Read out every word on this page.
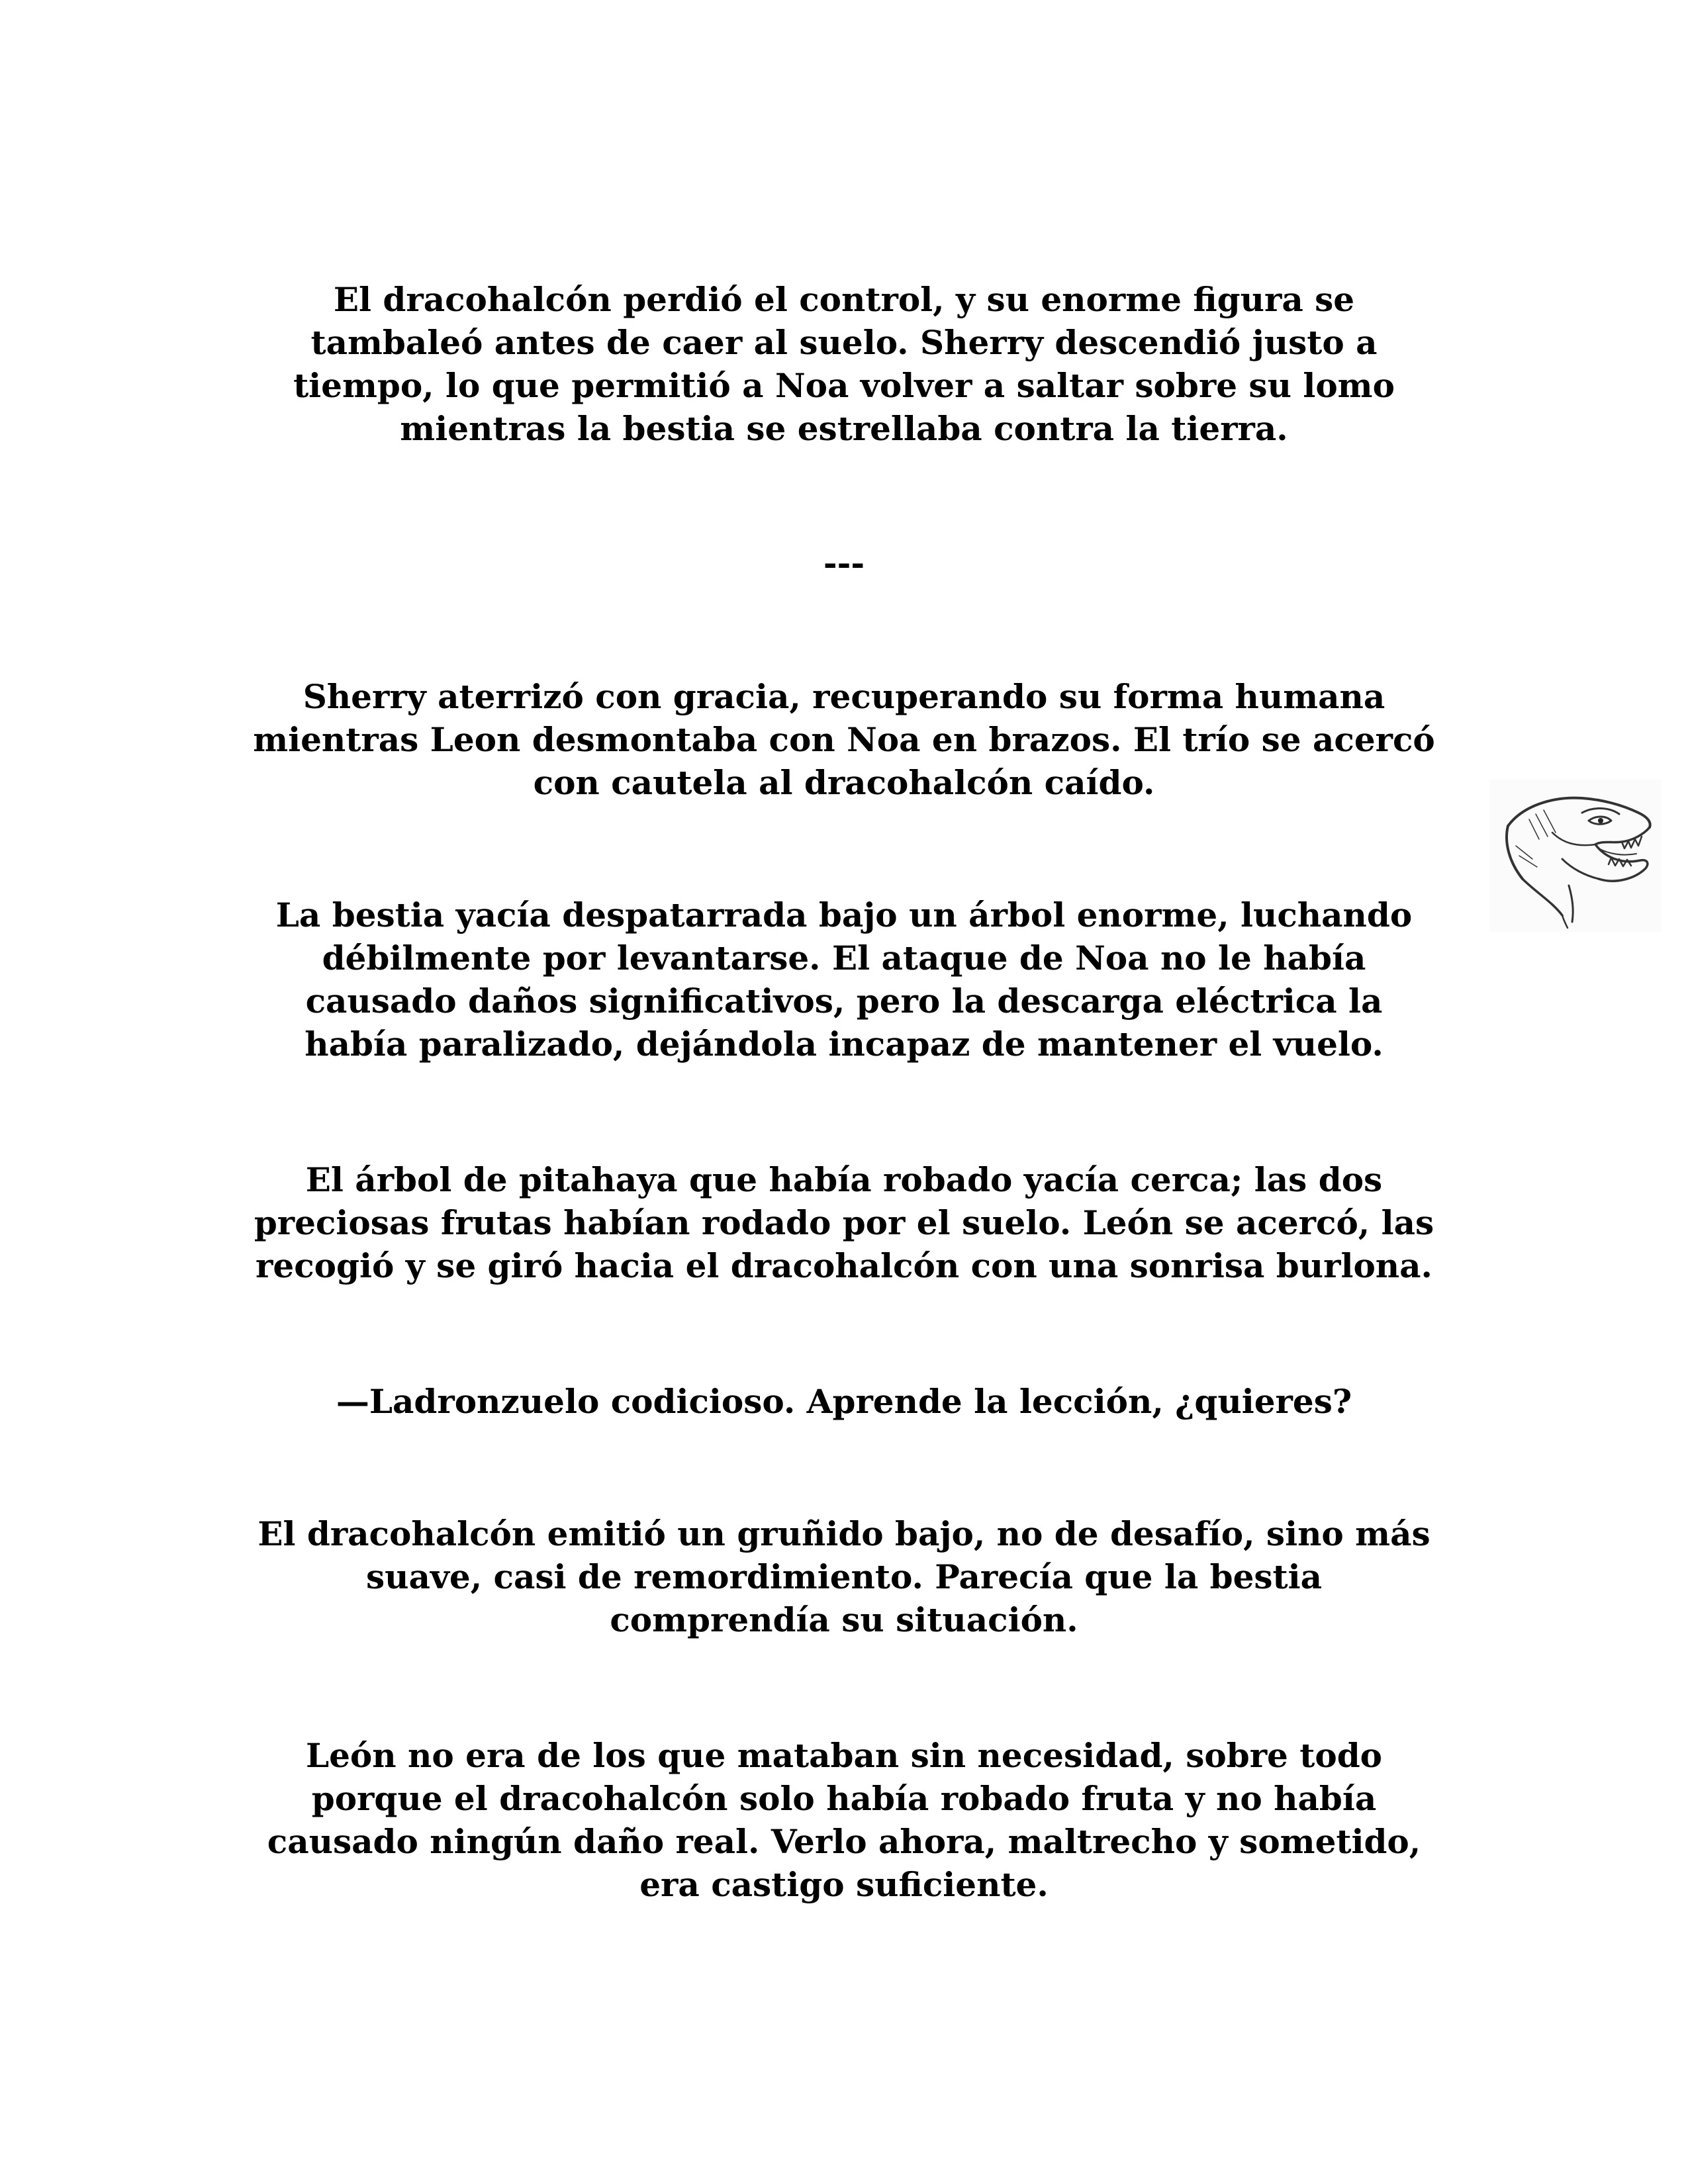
El dracohalcón perdió el control, y su enorme figura se
tambaleó antes de caer al suelo. Sherry descendió justo a
tiempo, lo que permitió a Noa volver a saltar sobre su lomo
mientras la bestia se estrellaba contra la tierra.
---
Sherry aterrizó con gracia, recuperando su forma humana
mientras Leon desmontaba con Noa en brazos. El trío se acercó
con cautela al dracohalcón caído.
La bestia yacía despatarrada bajo un árbol enorme, luchando
débilmente por levantarse. El ataque de Noa no le había
causado daños significativos, pero la descarga eléctrica la
había paralizado, dejándola incapaz de mantener el vuelo.
El árbol de pitahaya que había robado yacía cerca; las dos
preciosas frutas habían rodado por el suelo. León se acercó, las
recogió y se giró hacia el dracohalcón con una sonrisa burlona.
—Ladronzuelo codicioso. Aprende la lección, ¿quieres?
El dracohalcón emitió un gruñido bajo, no de desafío, sino más
suave, casi de remordimiento. Parecía que la bestia
comprendía su situación.
León no era de los que mataban sin necesidad, sobre todo
porque el dracohalcón solo había robado fruta y no había
causado ningún daño real. Verlo ahora, maltrecho y sometido,
era castigo suficiente.
